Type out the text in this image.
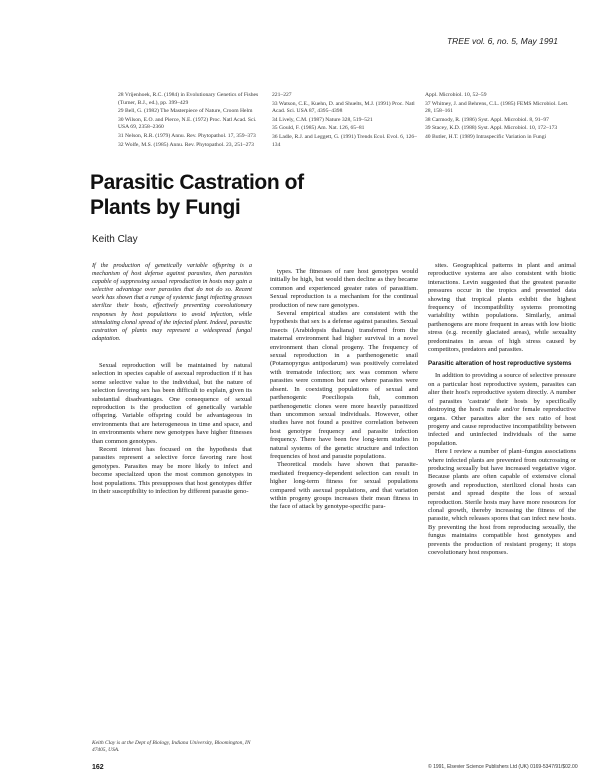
TREE vol. 6, no. 5, May 1991
28 Vrijenhoek, R.C. (1984) in Evolutionary Genetics of Fishes (Turner, B.J., ed.), pp. 399–429
29 Bell, G. (1982) The Masterpiece of Nature, Croom Helm
30 Wilson, E.O. and Pierce, N.E. (1972) Proc. Natl Acad. Sci. USA 69, 2358–2360
31 Nelson, R.R. (1979) Annu. Rev. Phytopathol. 17, 359–373
32 Wolfe, M.S. (1985) Annu. Rev. Phytopathol. 23, 251–273
221–227
33 Watson, C.E., Kuehn, D. and Shuelts, M.J. (1991) Proc. Natl Acad. Sci. USA 87, 4395–4398
34 Lively, C.M. (1987) Nature 328, 519–521
35 Gould, F. (1985) Am. Nat. 126, 65–81
36 Ladle, R.J. and Leggett, G. (1991) Trends Ecol. Evol. 6, 126–134
Appl. Microbiol. 10, 52–59
37 Whitney, J. and Behrens, C.L. (1985) FEMS Microbiol. Lett. 28, 158–161
38 Carmody, R. (1986) Syst. Appl. Microbiol. 8, 91–97
39 Stacey, K.D. (1988) Syst. Appl. Microbiol. 10, 172–173
40 Butler, H.T. (1989) Intraspecific Variation in Fungi
Parasitic Castration of Plants by Fungi
Keith Clay

If the production of genetically variable offspring is a mechanism of host defense against parasites, then parasites capable of suppressing sexual reproduction in hosts may gain a selective advantage over parasites that do not do so. Recent work has shown that a range of systemic fungi infecting grasses sterilize their hosts, effectively preventing coevolutionary responses by host populations to avoid infection, while stimulating clonal spread of the infected plant. Indeed, parasitic castration of plants may represent a widespread fungal adaptation.

Sexual reproduction will be maintained by natural selection in species capable of asexual reproduction if it has some selective value to the individual, but the nature of selection favoring sex has been difficult to explain, given its substantial disadvantages. One consequence of sexual reproduction is the production of genetically variable offspring. Variable offspring could be advantageous in environments that are heterogeneous in time and space, and in environments where new genotypes have higher fitnesses than common genotypes.

Recent interest has focused on the hypothesis that parasites represent a selective force favoring rare host genotypes. Parasites may be more likely to infect and become specialized upon the most common genotypes in host populations. This presupposes that host genotypes differ in their susceptibility to infection by different parasite geno-

types. The fitnesses of rare host genotypes would initially be high, but would then decline as they became common and experienced greater rates of parasitism. Sexual reproduction is a mechanism for the continual production of new rare genotypes.

Several empirical studies are consistent with the hypothesis that sex is a defense against parasites. Sexual insects (Arabidopsis thaliana) transferred from the maternal environment had higher survival in a novel environment than clonal progeny. The frequency of sexual reproduction in a parthenogenetic snail (Potamopyrgus antipodarum) was positively correlated with trematode infection; sex was common where parasites were common but rare where parasites were absent. In coexisting populations of sexual and parthenogenic Poeciliopsis fish, common parthenogenetic clones were more heavily parasitized than uncommon sexual individuals. However, other studies have not found a positive correlation between host genotype frequency and parasite infection frequency. There have been few long-term studies in natural systems of the genetic structure and infection frequencies of host and parasite populations.

Theoretical models have shown that parasite-mediated frequency-dependent selection can result in higher long-term fitness for sexual populations compared with asexual populations, and that variation within progeny groups increases their mean fitness in the face of attack by genotype-specific para-

sites. Geographical patterns in plant and animal reproductive systems are also consistent with biotic interactions. Levin suggested that the greatest parasite pressures occur in the tropics and presented data showing that tropical plants exhibit the highest frequency of incompatibility systems promoting variability within populations. Similarly, animal parthenogens are more frequent in areas with low biotic stress (e.g. recently glaciated areas), while sexuality predominates in areas of high stress caused by competitors, predators and parasites.

Parasitic alteration of host reproductive systems

In addition to providing a source of selective pressure on a particular host reproductive system, parasites can alter their host's reproductive system directly. A number of parasites 'castrate' their hosts by specifically destroying the host's male and/or female reproductive organs. Other parasites alter the sex ratio of host progeny and cause reproductive incompatibility between infected and uninfected individuals of the same population.

Here I review a number of plant–fungus associations where infected plants are prevented from outcrossing or producing sexually but have increased vegetative vigor. Because plants are often capable of extensive clonal growth and reproduction, sterilized clonal hosts can persist and spread despite the loss of sexual reproduction. Sterile hosts may have more resources for clonal growth, thereby increasing the fitness of the parasite, which releases spores that can infect new hosts. By preventing the host from reproducing sexually, the fungus maintains compatible host genotypes and prevents the production of resistant progeny; it stops coevolutionary host responses.

Keith Clay is at the Dept of Biology, Indiana University, Bloomington, IN 47405, USA.
162	© 1991, Elsevier Science Publishers Ltd (UK) 0169-5347/91/$02.00
